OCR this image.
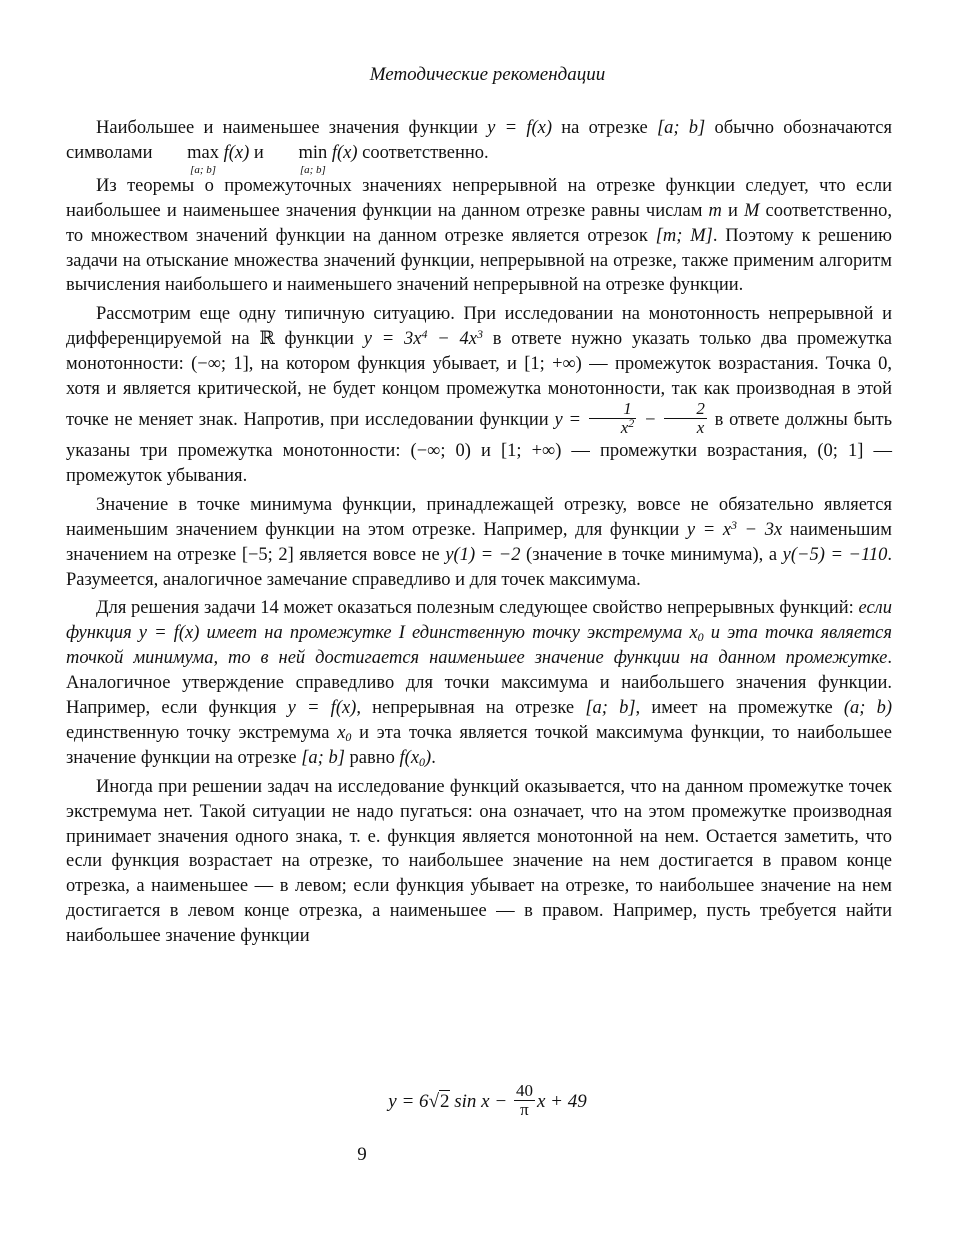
Методические рекомендации

Наибольшее и наименьшее значения функции y = f(x) на отрезке [a; b] обычно обозначаются символами max
[a; b]
f(x) и min
[a; b]
f(x) соответственно.

Из теоремы о промежуточных значениях непрерывной на отрезке функции следует, что если наибольшее и наименьшее значения функции на данном отрезке равны числам m и M соответственно, то множеством значений функции на данном отрезке является отрезок [m; M]. Поэтому к решению задачи на отыскание множества значений функции, непрерывной на отрезке, также применим алгоритм вычисления наибольшего и наименьшего значений непрерывной на отрезке функции.

Рассмотрим еще одну типичную ситуацию. При исследовании на монотонность непрерывной и дифференцируемой на ℝ функции $y = 3x^4 - 4x^3$ в ответе нужно указать только два промежутка монотонности: (−∞; 1], на котором функция убывает, и [1; +∞) — промежуток возрастания. Точка 0, хотя и является критической, не будет концом промежутка монотонности, так как производная в этой точке не меняет знак. Напротив, при исследовании функции $y = \frac{1}{x^2} - \frac{2}{x}$ в ответе должны быть указаны три промежутка монотонности: (−∞; 0) и [1; +∞) — промежутки возрастания, (0; 1] — промежуток убывания.

Значение в точке минимума функции, принадлежащей отрезку, вовсе не обязательно является наименьшим значением функции на этом отрезке. Например, для функции $y = x^3 - 3x$ наименьшим значением на отрезке [−5; 2] является вовсе не y(1) = −2 (значение в точке минимума), а y(−5) = −110. Разумеется, аналогичное замечание справедливо и для точек максимума.

Для решения задачи 14 может оказаться полезным следующее свойство непрерывных функций: если функция y = f(x) имеет на промежутке I единственную точку экстремума $x_0$ и эта точка является точкой минимума, то в ней достигается наименьшее значение функции на данном промежутке. Аналогичное утверждение справедливо для точки максимума и наибольшего значения функции. Например, если функция y = f(x), непрерывная на отрезке [a; b], имеет на промежутке (a; b) единственную точку экстремума $x_0$ и эта точка является точкой максимума функции, то наибольшее значение функции на отрезке [a; b] равно $f(x_0)$.

Иногда при решении задач на исследование функций оказывается, что на данном промежутке точек экстремума нет. Такой ситуации не надо пугаться: она означает, что на этом промежутке производная принимает значения одного знака, т. е. функция является монотонной на нем. Остается заметить, что если функция возрастает на отрезке, то наибольшее значение на нем достигается в правом конце отрезка, а наименьшее — в левом; если функция убывает на отрезке, то наибольшее значение на нем достигается в левом конце отрезка, а наименьшее — в правом. Например, пусть требуется найти наибольшее значение функции

y = 6√2 $\sin x - \frac{40}{\pi}$ x + 49
9
